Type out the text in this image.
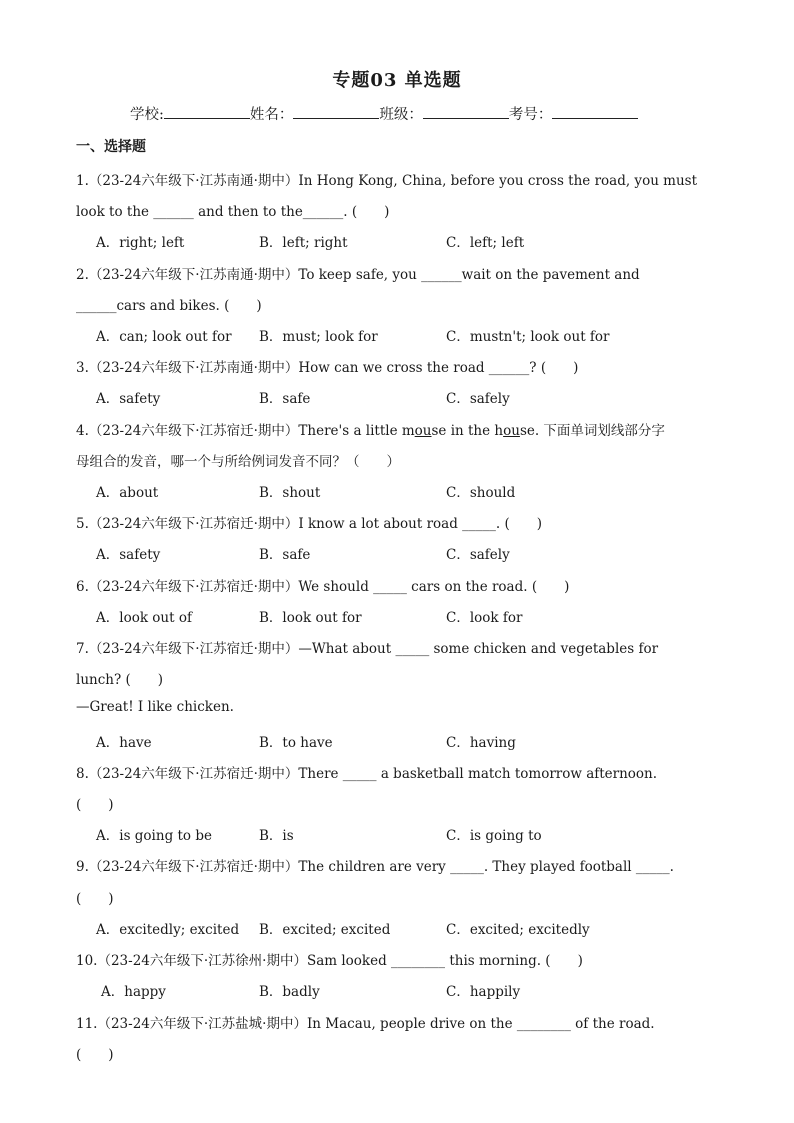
专题03 单选题
学校:	姓名：	班级：	考号：
一、选择题
1.（23-24六年级下·江苏南通·期中）In Hong Kong, China, before you cross the road, you must
look to the ______ and then to the______. (　　)
A．right; left	B．left; right	C．left; left
2.（23-24六年级下·江苏南通·期中）To keep safe, you ______wait on the pavement and
______cars and bikes. (　　)
A．can; look out for B．must; look for	C．mustn't; look out for
3.（23-24六年级下·江苏南通·期中）How can we cross the road ______? (　　)
A．safety	B．safe	C．safely
4.（23-24六年级下·江苏宿迁·期中）There's a little mouse in the house. 下面单词划线部分字
母组合的发音，哪一个与所给例词发音不同？（　　）
A．about	B．shout	C．should
5.（23-24六年级下·江苏宿迁·期中）I know a lot about road _____. (　　)
A．safety	B．safe	C．safely
6.（23-24六年级下·江苏宿迁·期中）We should _____ cars on the road. (　　)
A．look out of	B．look out for	C．look for
7.（23-24六年级下·江苏宿迁·期中）—What about _____ some chicken and vegetables for
lunch? (　　)
—Great! I like chicken.
A．have	B．to have	C．having
8.（23-24六年级下·江苏宿迁·期中）There _____ a basketball match tomorrow afternoon.
(　　)
A．is going to be	B．is	C．is going to
9.（23-24六年级下·江苏宿迁·期中）The children are very _____. They played football _____.
(　　)
A．excitedly; excited B．excited; excited	C．excited; excitedly
10.（23-24六年级下·江苏徐州·期中）Sam looked ________ this morning. (　　)
A．happy	B．badly	C．happily
11.（23-24六年级下·江苏盐城·期中）In Macau, people drive on the ________ of the road.
(　　)
